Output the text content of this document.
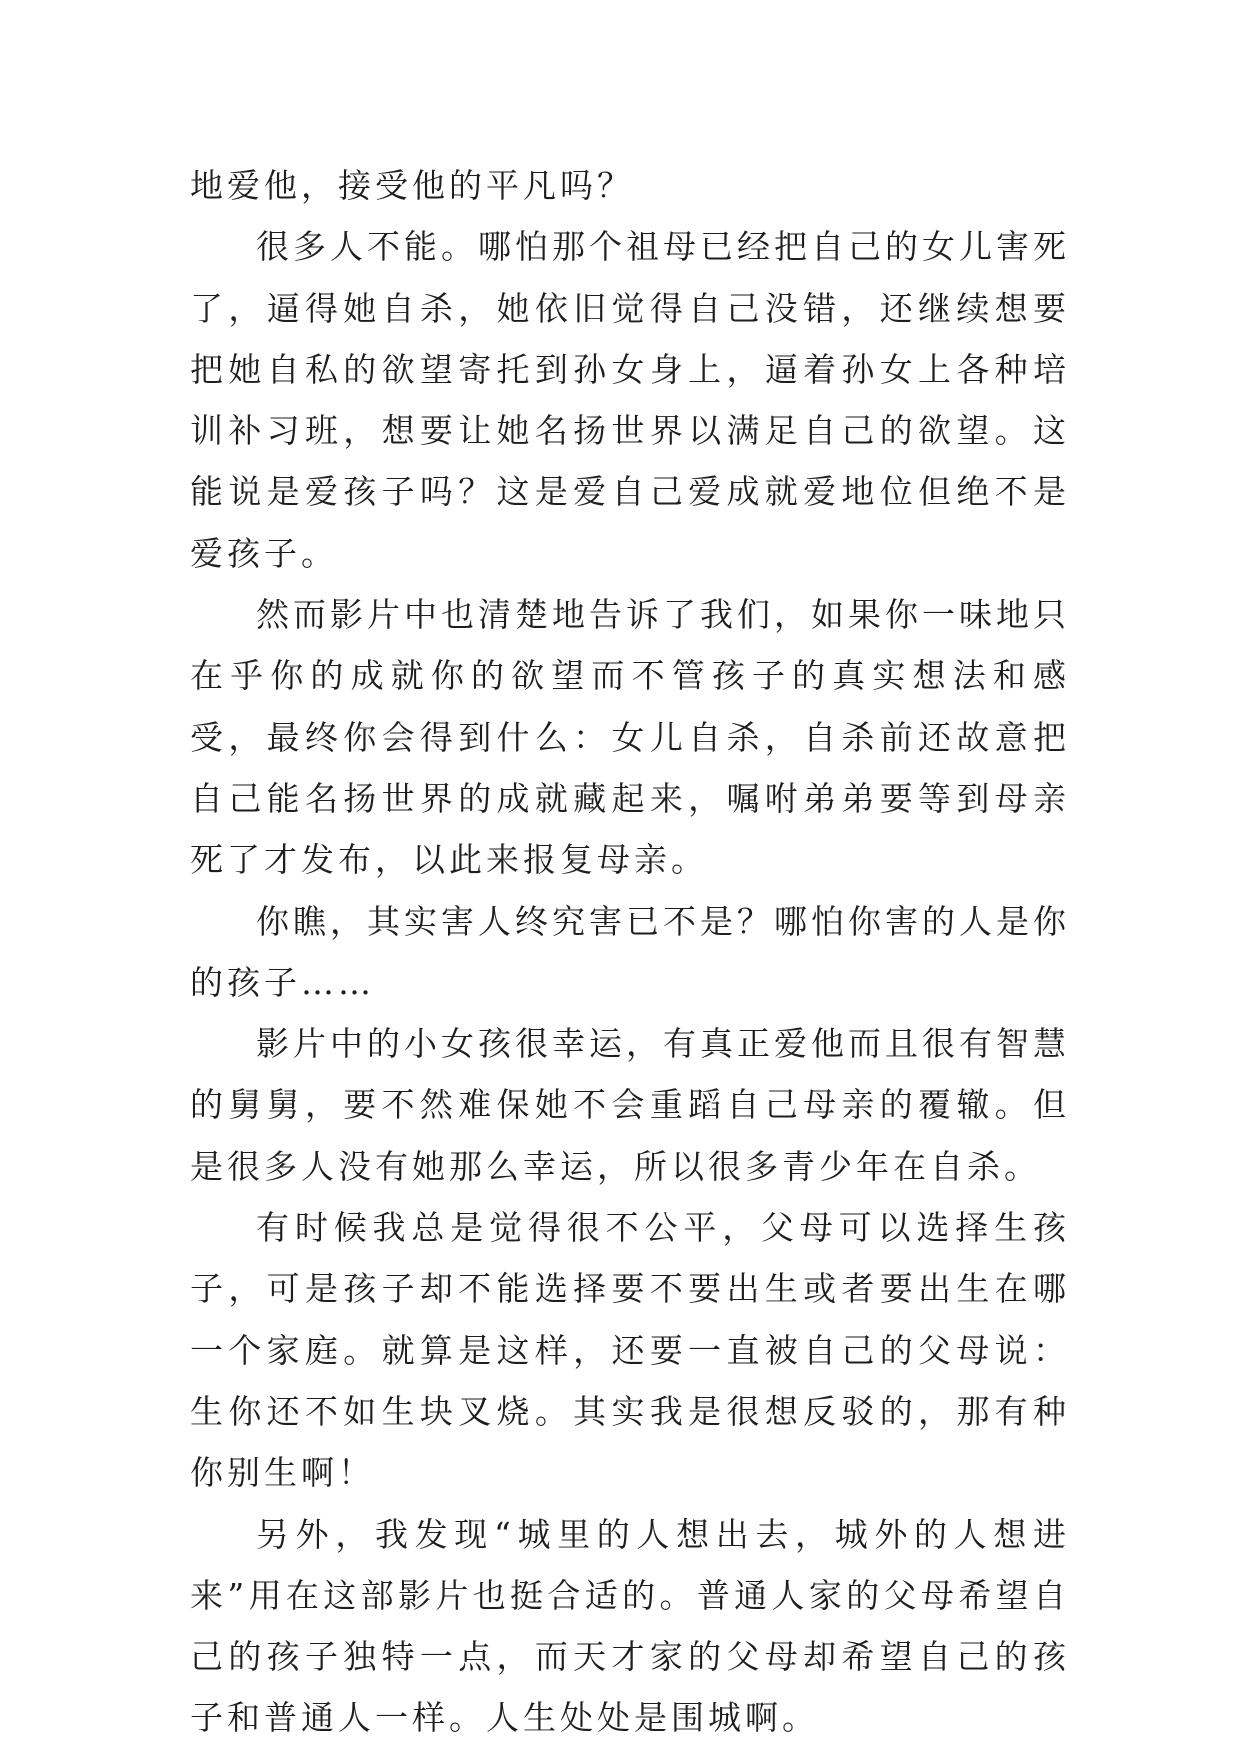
地爱他，接受他的平凡吗？

很多人不能。哪怕那个祖母已经把自己的女儿害死了，逼得她自杀，她依旧觉得自己没错，还继续想要把她自私的欲望寄托到孙女身上，逼着孙女上各种培训补习班，想要让她名扬世界以满足自己的欲望。这能说是爱孩子吗？这是爱自己爱成就爱地位但绝不是爱孩子。

然而影片中也清楚地告诉了我们，如果你一味地只在乎你的成就你的欲望而不管孩子的真实想法和感受，最终你会得到什么：女儿自杀，自杀前还故意把自己能名扬世界的成就藏起来，嘱咐弟弟要等到母亲死了才发布，以此来报复母亲。

你瞧，其实害人终究害已不是？哪怕你害的人是你的孩子……

影片中的小女孩很幸运，有真正爱他而且很有智慧的舅舅，要不然难保她不会重蹈自己母亲的覆辙。但是很多人没有她那么幸运，所以很多青少年在自杀。

有时候我总是觉得很不公平，父母可以选择生孩子，可是孩子却不能选择要不要出生或者要出生在哪一个家庭。就算是这样，还要一直被自己的父母说：生你还不如生块叉烧。其实我是很想反驳的，那有种你别生啊！

另外，我发现“城里的人想出去，城外的人想进来”用在这部影片也挺合适的。普通人家的父母希望自己的孩子独特一点，而天才家的父母却希望自己的孩子和普通人一样。人生处处是围城啊。
